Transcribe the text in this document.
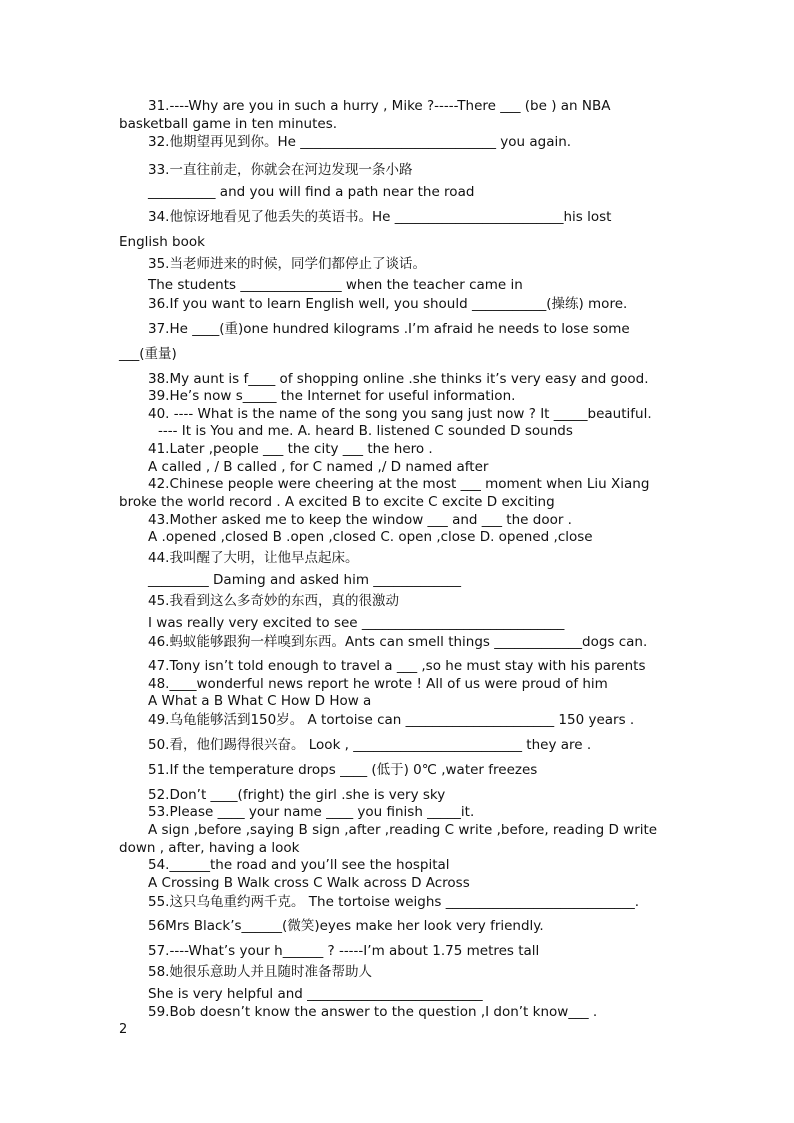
31.----Why are you in such a hurry , Mike ?-----There ___ (be ) an NBA
basketball game in ten minutes.
32.他期望再见到你。He _____________________________ you again.
33.一直往前走，你就会在河边发现一条小路
__________ and you will find a path near the road
34.他惊讶地看见了他丢失的英语书。He _________________________his lost
English book
35.当老师进来的时候，同学们都停止了谈话。
The students _______________ when the teacher came in
36.If you want to learn English well, you should ___________(操练) more.
37.He ____(重)one hundred kilograms .I’m afraid he needs to lose some
___(重量)
38.My aunt is f____ of shopping online .she thinks it’s very easy and good.
39.He’s now s_____ the Internet for useful information.
40. ---- What is the name of the song you sang just now ? It _____beautiful.
---- It is You and me. A. heard B. listened C sounded D sounds
41.Later ,people ___ the city ___ the hero .
A called , / B called , for C named ,/ D named after
42.Chinese people were cheering at the most ___ moment when Liu Xiang
broke the world record . A excited B to excite C excite D exciting
43.Mother asked me to keep the window ___ and ___ the door .
A .opened ,closed B .open ,closed C. open ,close D. opened ,close
44.我叫醒了大明，让他早点起床。
_________ Daming and asked him _____________
45.我看到这么多奇妙的东西，真的很激动
I was really very excited to see ______________________________
46.蚂蚁能够跟狗一样嗅到东西。Ants can smell things _____________dogs can.
47.Tony isn’t told enough to travel a ___ ,so he must stay with his parents
48.____wonderful news report he wrote ! All of us were proud of him
A What a B What C How D How a
49.乌龟能够活到150岁。 A tortoise can ______________________ 150 years .
50.看，他们踢得很兴奋。 Look , _________________________ they are .
51.If the temperature drops ____ (低于) 0℃ ,water freezes
52.Don’t ____(fright) the girl .she is very sky
53.Please ____ your name ____ you finish _____it.
A sign ,before ,saying B sign ,after ,reading C write ,before, reading D write
down , after, having a look
54.______the road and you’ll see the hospital
A Crossing B Walk cross C Walk across D Across
55.这只乌龟重约两千克。 The tortoise weighs ____________________________.
56Mrs Black’s______(微笑)eyes make her look very friendly.
57.----What’s your h______ ? -----I’m about 1.75 metres tall
58.她很乐意助人并且随时准备帮助人
She is very helpful and __________________________
59.Bob doesn’t know the answer to the question ,I don’t know___ .
2
